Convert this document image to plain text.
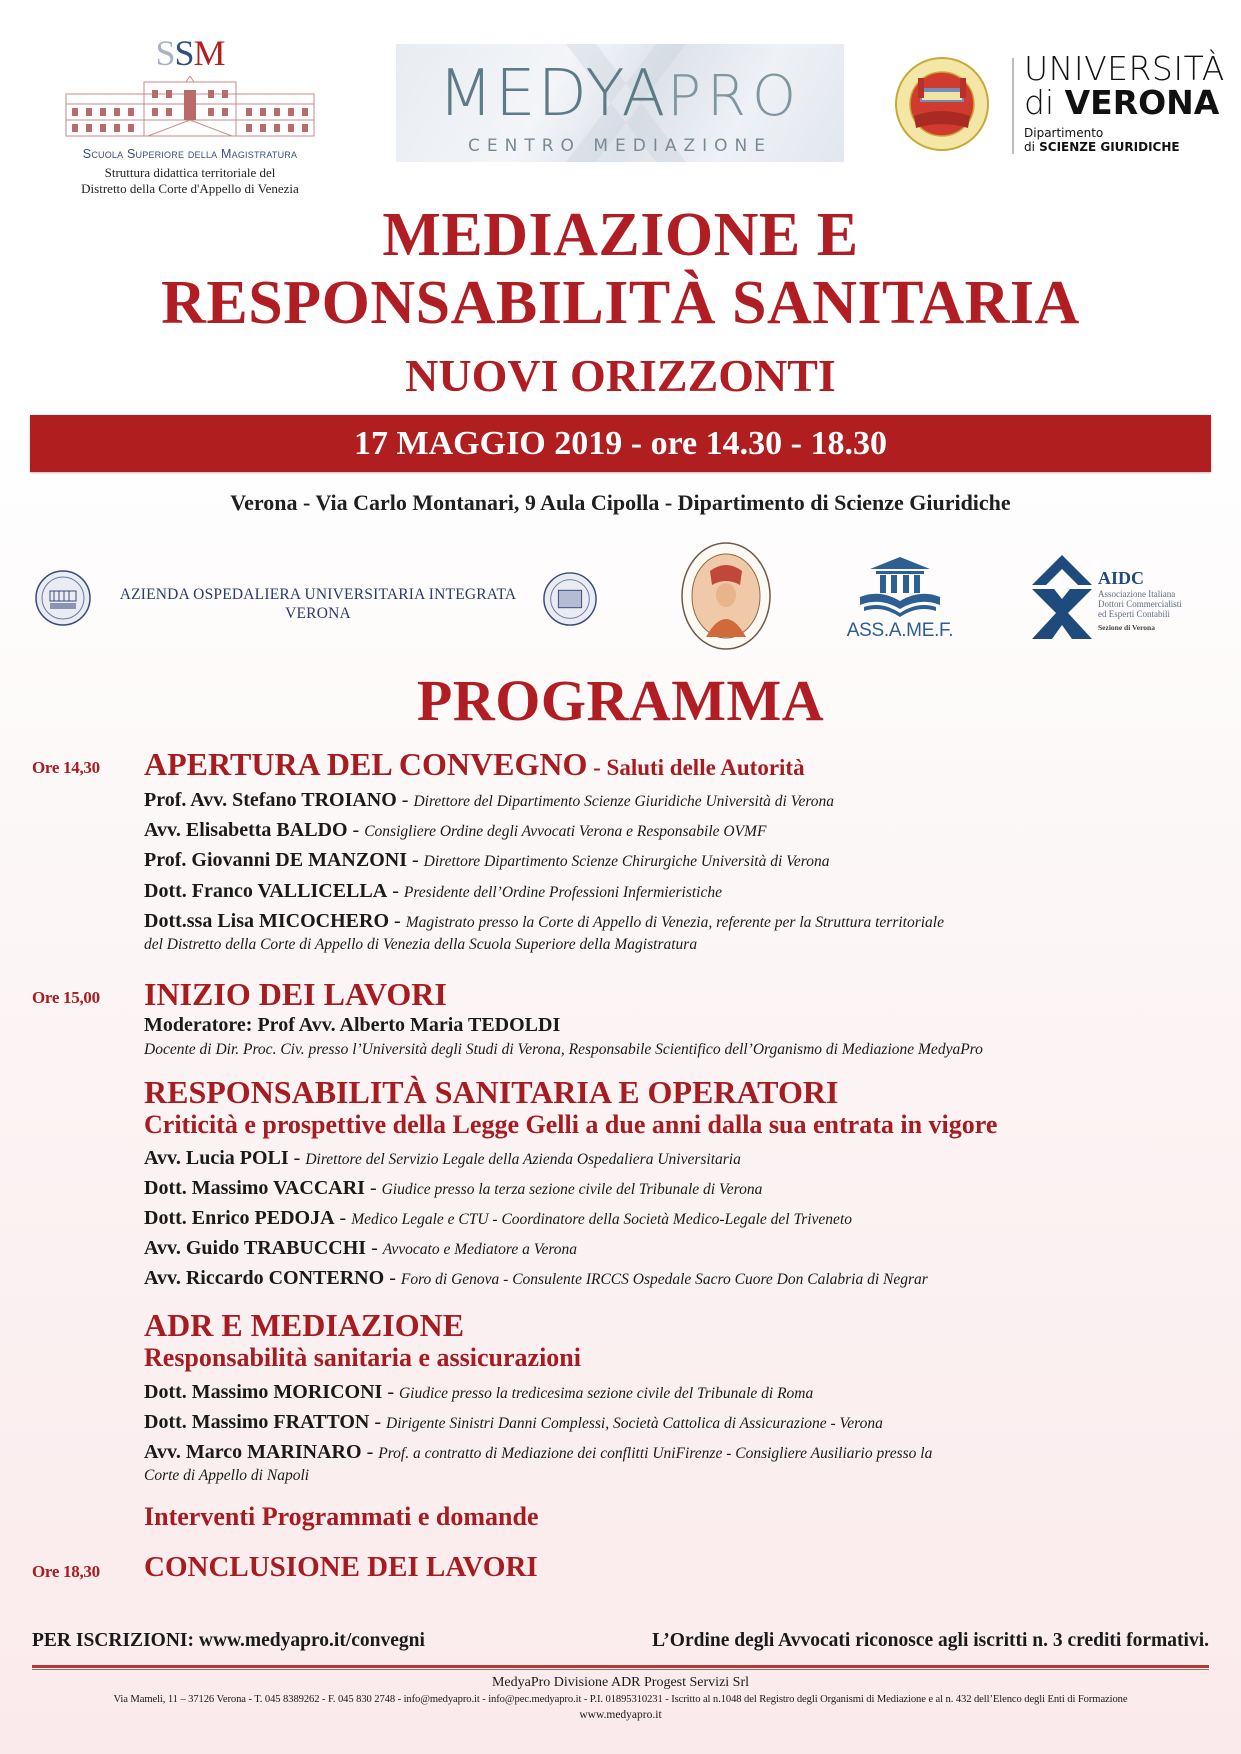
SSM
Scuola Superiore della Magistratura
Struttura didattica territoriale del
Distretto della Corte d'Appello di Venezia
MEDYAPRO
CENTRO MEDIAZIONE
UNIVERSITÀ
di VERONA
Dipartimento
di SCIENZE GIURIDICHE
MEDIAZIONE E
RESPONSABILITÀ SANITARIA
NUOVI ORIZZONTI
17 MAGGIO 2019 - ore 14.30 - 18.30
Verona - Via Carlo Montanari, 9 Aula Cipolla - Dipartimento di Scienze Giuridiche
AZIENDA OSPEDALIERA UNIVERSITARIA INTEGRATA
VERONA
ASS.A.ME.F.
AIDC
Associazione Italiana
Dottori Commercialisti
ed Esperti Contabili
Sezione di Verona
PROGRAMMA
Ore 14,30 APERTURA DEL CONVEGNO - Saluti delle Autorità
Prof. Avv. Stefano TROIANO - Direttore del Dipartimento Scienze Giuridiche Università di Verona
Avv. Elisabetta BALDO - Consigliere Ordine degli Avvocati Verona e Responsabile OVMF
Prof. Giovanni DE MANZONI - Direttore Dipartimento Scienze Chirurgiche Università di Verona
Dott. Franco VALLICELLA - Presidente dell’Ordine Professioni Infermieristiche
Dott.ssa Lisa MICOCHERO - Magistrato presso la Corte di Appello di Venezia, referente per la Struttura territoriale
del Distretto della Corte di Appello di Venezia della Scuola Superiore della Magistratura
Ore 15,00 INIZIO DEI LAVORI
Moderatore: Prof Avv. Alberto Maria TEDOLDI
Docente di Dir. Proc. Civ. presso l’Università degli Studi di Verona, Responsabile Scientifico dell’Organismo di Mediazione MedyaPro
RESPONSABILITÀ SANITARIA E OPERATORI
Criticità e prospettive della Legge Gelli a due anni dalla sua entrata in vigore
Avv. Lucia POLI - Direttore del Servizio Legale della Azienda Ospedaliera Universitaria
Dott. Massimo VACCARI - Giudice presso la terza sezione civile del Tribunale di Verona
Dott. Enrico PEDOJA - Medico Legale e CTU - Coordinatore della Società Medico-Legale del Triveneto
Avv. Guido TRABUCCHI - Avvocato e Mediatore a Verona
Avv. Riccardo CONTERNO - Foro di Genova - Consulente IRCCS Ospedale Sacro Cuore Don Calabria di Negrar
ADR E MEDIAZIONE
Responsabilità sanitaria e assicurazioni
Dott. Massimo MORICONI - Giudice presso la tredicesima sezione civile del Tribunale di Roma
Dott. Massimo FRATTON - Dirigente Sinistri Danni Complessi, Società Cattolica di Assicurazione - Verona
Avv. Marco MARINARO - Prof. a contratto di Mediazione dei conflitti UniFirenze - Consigliere Ausiliario presso la
Corte di Appello di Napoli
Interventi Programmati e domande
Ore 18,30 CONCLUSIONE DEI LAVORI
PER ISCRIZIONI: www.medyapro.it/convegni	L’Ordine degli Avvocati riconosce agli iscritti n. 3 crediti formativi.
MedyaPro Divisione ADR Progest Servizi Srl
Via Mameli, 11 – 37126 Verona - T. 045 8389262 - F. 045 830 2748 - info@medyapro.it - info@pec.medyapro.it - P.I. 01895310231 - Iscritto al n.1048 del Registro degli Organismi di Mediazione e al n. 432 dell’Elenco degli Enti di Formazione
www.medyapro.it
